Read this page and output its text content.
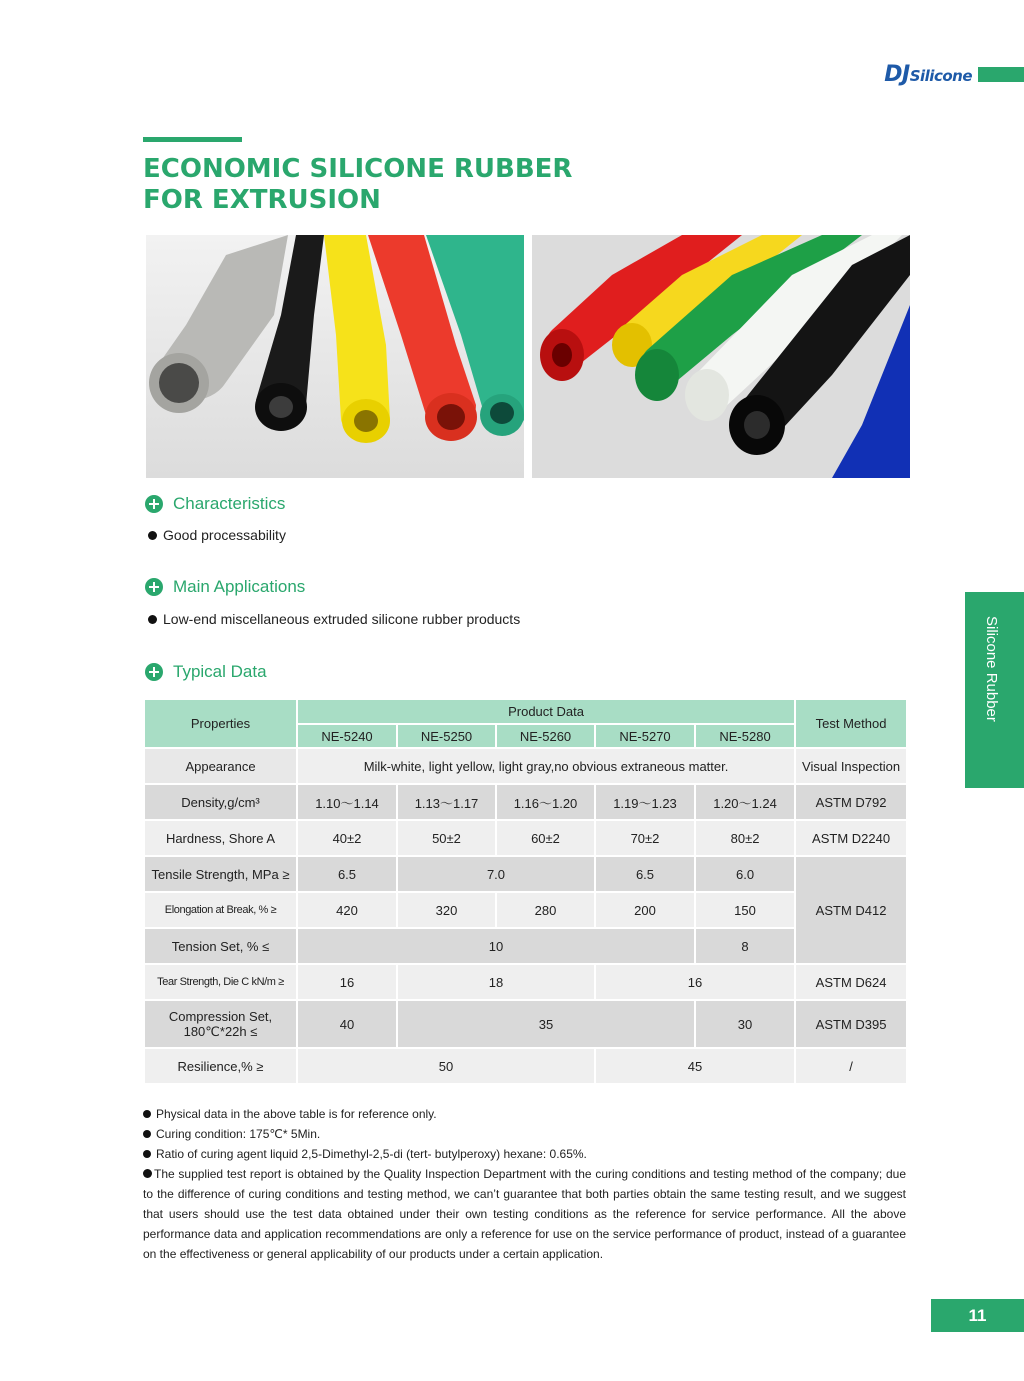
DJSilicone
ECONOMIC SILICONE RUBBER
FOR EXTRUSION
Characteristics
Good processability
Main Applications
Low-end miscellaneous extruded silicone rubber products
Typical Data	Silicone Rubber
Properties	Product Data					Test Method
	NE-5240	NE-5250	NE-5260	NE-5270	NE-5280	
Appearance	Milk-white, light yellow, light gray,no obvious extraneous matter.					Visual Inspection
Density,g/cm³	1.10～1.14	1.13～1.17	1.16～1.20	1.19～1.23	1.20～1.24	ASTM D792
Hardness, Shore A	40±2	50±2	60±2	70±2	80±2	ASTM D2240
Tensile Strength, MPa ≥	6.5	7.0		6.5	6.0	ASTM D412
Elongation at Break, % ≥	420	320	280	200	150	
Tension Set, % ≤	10				8	
Tear Strength, Die C kN/m ≥	16	18		16		ASTM D624
Compression Set,
180℃*22h ≤	40	35			30	ASTM D395
Resilience,% ≥	50			45		/
Physical data in the above table is for reference only.
Curing condition: 175℃* 5Min.
Ratio of curing agent liquid 2,5-Dimethyl-2,5-di (tert- butylperoxy) hexane: 0.65%.
The supplied test report is obtained by the Quality Inspection Department with the curing conditions and testing method of the company; due to the difference of curing conditions and testing method, we can’t guarantee that both parties obtain the same testing result, and we suggest that users should use the test data obtained under their own testing conditions as the reference for service performance. All the above performance data and application recommendations are only a reference for use on the service performance of product, instead of a guarantee on the effectiveness or general applicability of our products under a certain application.
11
